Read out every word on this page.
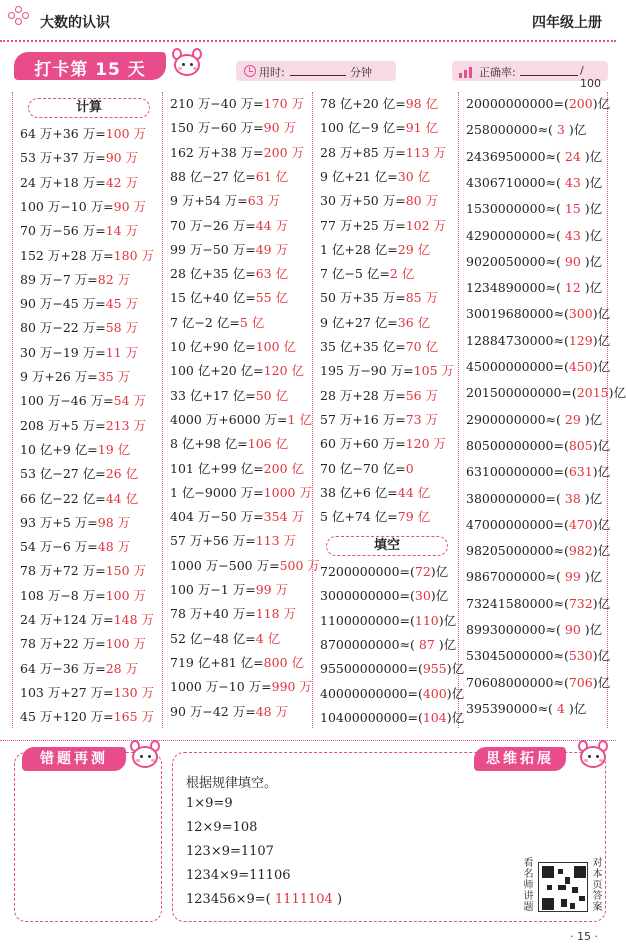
大数的认识	四年级上册
打卡第 15 天	用时:	分钟	正确率:	/ 100
计算
64 万+36 万=100 万
53 万+37 万=90 万
24 万+18 万=42 万
100 万−10 万=90 万
70 万−56 万=14 万
152 万+28 万=180 万
89 万−7 万=82 万
90 万−45 万=45 万
80 万−22 万=58 万
30 万−19 万=11 万
9 万+26 万=35 万
100 万−46 万=54 万
208 万+5 万=213 万
10 亿+9 亿=19 亿
53 亿−27 亿=26 亿
66 亿−22 亿=44 亿
93 万+5 万=98 万
54 万−6 万=48 万
78 万+72 万=150 万
108 万−8 万=100 万
24 万+124 万=148 万
78 万+22 万=100 万
64 万−36 万=28 万
103 万+27 万=130 万
45 万+120 万=165 万
210 万−40 万=170 万
150 万−60 万=90 万
162 万+38 万=200 万
88 亿−27 亿=61 亿
9 万+54 万=63 万
70 万−26 万=44 万
99 万−50 万=49 万
28 亿+35 亿=63 亿
15 亿+40 亿=55 亿
7 亿−2 亿=5 亿
10 亿+90 亿=100 亿
100 亿+20 亿=120 亿
33 亿+17 亿=50 亿
4000 万+6000 万=1 亿
8 亿+98 亿=106 亿
101 亿+99 亿=200 亿
1 亿−9000 万=1000 万
404 万−50 万=354 万
57 万+56 万=113 万
1000 万−500 万=500 万
100 万−1 万=99 万
78 万+40 万=118 万
52 亿−48 亿=4 亿
719 亿+81 亿=800 亿
1000 万−10 万=990 万
90 万−42 万=48 万
78 亿+20 亿=98 亿
100 亿−9 亿=91 亿
28 万+85 万=113 万
9 亿+21 亿=30 亿
30 万+50 万=80 万
77 万+25 万=102 万
1 亿+28 亿=29 亿
7 亿−5 亿=2 亿
50 万+35 万=85 万
9 亿+27 亿=36 亿
35 亿+35 亿=70 亿
195 万−90 万=105 万
28 万+28 万=56 万
57 万+16 万=73 万
60 万+60 万=120 万
70 亿−70 亿=0
38 亿+6 亿=44 亿
5 亿+74 亿=79 亿
填空
7200000000=(72)亿
3000000000=(30)亿
1100000000=(110)亿
8700000000≈( 87 )亿
95500000000=(955)亿
40000000000=(400)亿
10400000000=(104)亿
20000000000=(200)亿
258000000≈( 3 )亿
2436950000≈( 24 )亿
4306710000≈( 43 )亿
1530000000≈( 15 )亿
4290000000≈( 43 )亿
9020050000≈( 90 )亿
1234890000≈( 12 )亿
30019680000≈(300)亿
12884730000≈(129)亿
45000000000=(450)亿
201500000000=(2015)亿
2900000000≈( 29 )亿
80500000000=(805)亿
63100000000=(631)亿
3800000000=( 38 )亿
47000000000=(470)亿
98205000000≈(982)亿
9867000000≈( 99 )亿
73241580000≈(732)亿
8993000000≈( 90 )亿
53045000000≈(530)亿
70608000000≈(706)亿
395390000≈( 4 )亿
错题再测	思维拓展
根据规律填空。
1×9=9
12×9=108
123×9=1107
1234×9=11106
123456×9=( 1111104 )
看名师讲题
对本页答案
· 15 ·
